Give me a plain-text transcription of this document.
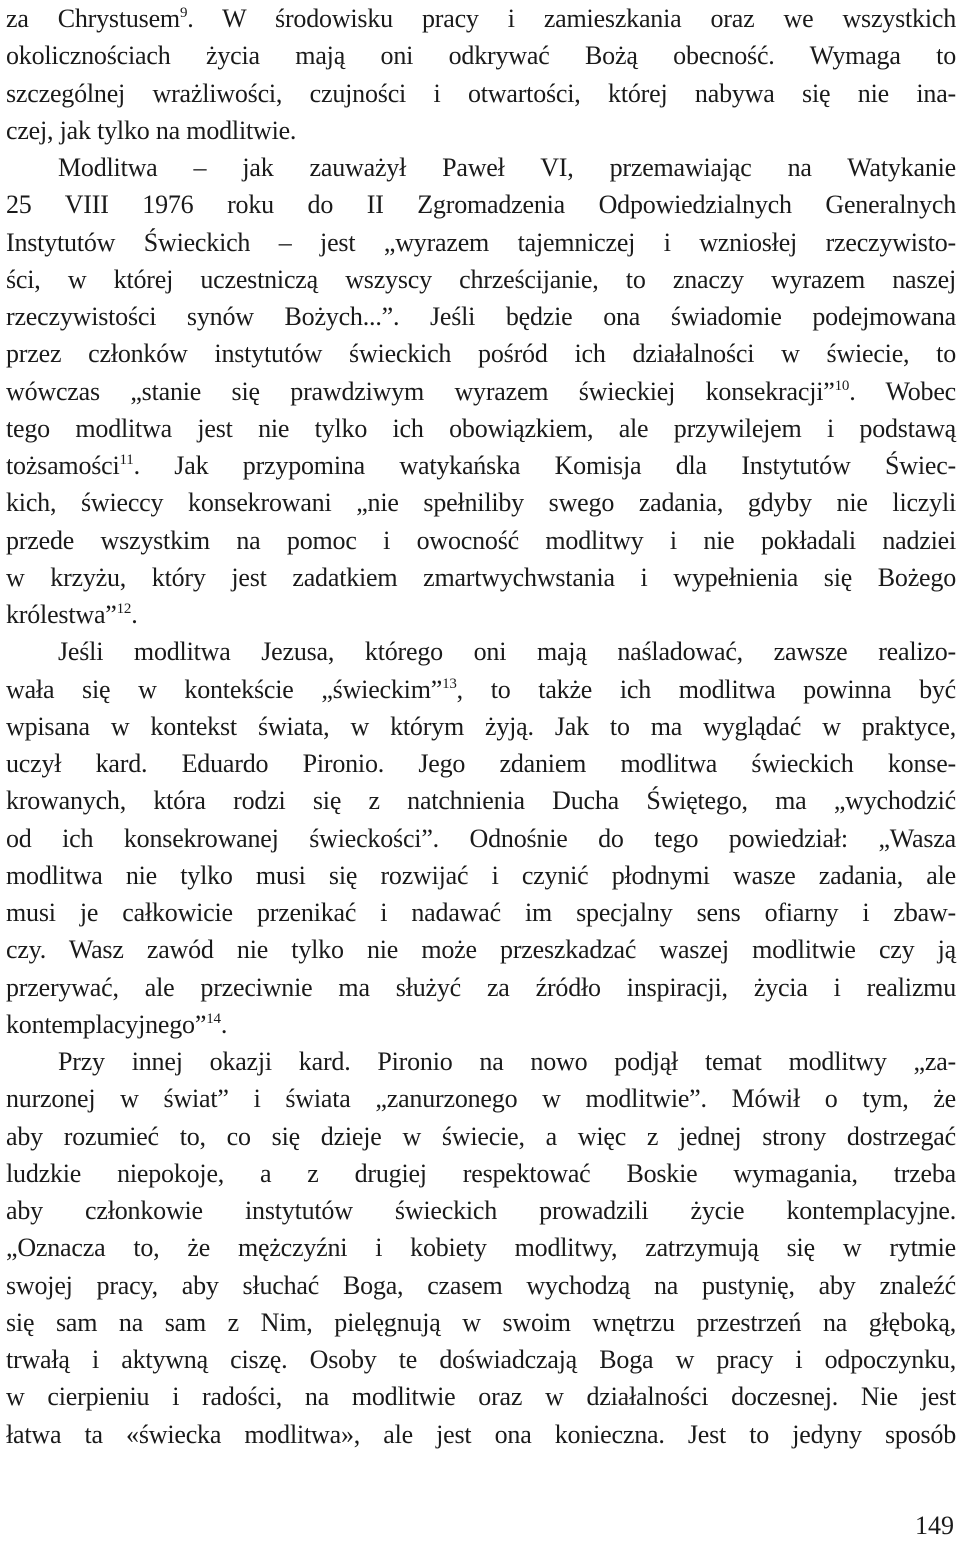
za Chrystusem$^9$. W środowisku pracy i zamieszkania oraz we wszystkich
okolicznościach życia mają oni odkrywać Bożą obecność. Wymaga to
szczególnej wrażliwości, czujności i otwartości, której nabywa się nie ina-
czej, jak tylko na modlitwie.
Modlitwa – jak zauważył Paweł VI, przemawiając na Watykanie
25 VIII 1976 roku do II Zgromadzenia Odpowiedzialnych Generalnych
Instytutów Świeckich – jest „wyrazem tajemniczej i wzniosłej rzeczywisto-
ści, w której uczestniczą wszyscy chrześcijanie, to znaczy wyrazem naszej
rzeczywistości synów Bożych...”. Jeśli będzie ona świadomie podejmowana
przez członków instytutów świeckich pośród ich działalności w świecie, to
wówczas „stanie się prawdziwym wyrazem świeckiej konsekracji”$^{10}$. Wobec
tego modlitwa jest nie tylko ich obowiązkiem, ale przywilejem i podstawą
tożsamości$^{11}$. Jak przypomina watykańska Komisja dla Instytutów Świec-
kich, świeccy konsekrowani „nie spełniliby swego zadania, gdyby nie liczyli
przede wszystkim na pomoc i owocność modlitwy i nie pokładali nadziei
w krzyżu, który jest zadatkiem zmartwychwstania i wypełnienia się Bożego
królestwa”$^{12}$.
Jeśli modlitwa Jezusa, którego oni mają naśladować, zawsze realizo-
wała się w kontekście „świeckim”$^{13}$, to także ich modlitwa powinna być
wpisana w kontekst świata, w którym żyją. Jak to ma wyglądać w praktyce,
uczył kard. Eduardo Pironio. Jego zdaniem modlitwa świeckich konse-
krowanych, która rodzi się z natchnienia Ducha Świętego, ma „wychodzić
od ich konsekrowanej świeckości”. Odnośnie do tego powiedział: „Wasza
modlitwa nie tylko musi się rozwijać i czynić płodnymi wasze zadania, ale
musi je całkowicie przenikać i nadawać im specjalny sens ofiarny i zbaw-
czy. Wasz zawód nie tylko nie może przeszkadzać waszej modlitwie czy ją
przerywać, ale przeciwnie ma służyć za źródło inspiracji, życia i realizmu
kontemplacyjnego”$^{14}$.
Przy innej okazji kard. Pironio na nowo podjął temat modlitwy „za-
nurzonej w świat” i świata „zanurzonego w modlitwie”. Mówił o tym, że
aby rozumieć to, co się dzieje w świecie, a więc z jednej strony dostrzegać
ludzkie niepokoje, a z drugiej respektować Boskie wymagania, trzeba
aby członkowie instytutów świeckich prowadzili życie kontemplacyjne.
„Oznacza to, że mężczyźni i kobiety modlitwy, zatrzymują się w rytmie
swojej pracy, aby słuchać Boga, czasem wychodzą na pustynię, aby znaleźć
się sam na sam z Nim, pielęgnują w swoim wnętrzu przestrzeń na głęboką,
trwałą i aktywną ciszę. Osoby te doświadczają Boga w pracy i odpoczynku,
w cierpieniu i radości, na modlitwie oraz w działalności doczesnej. Nie jest
łatwa ta «świecka modlitwa», ale jest ona konieczna. Jest to jedyny sposób
149
